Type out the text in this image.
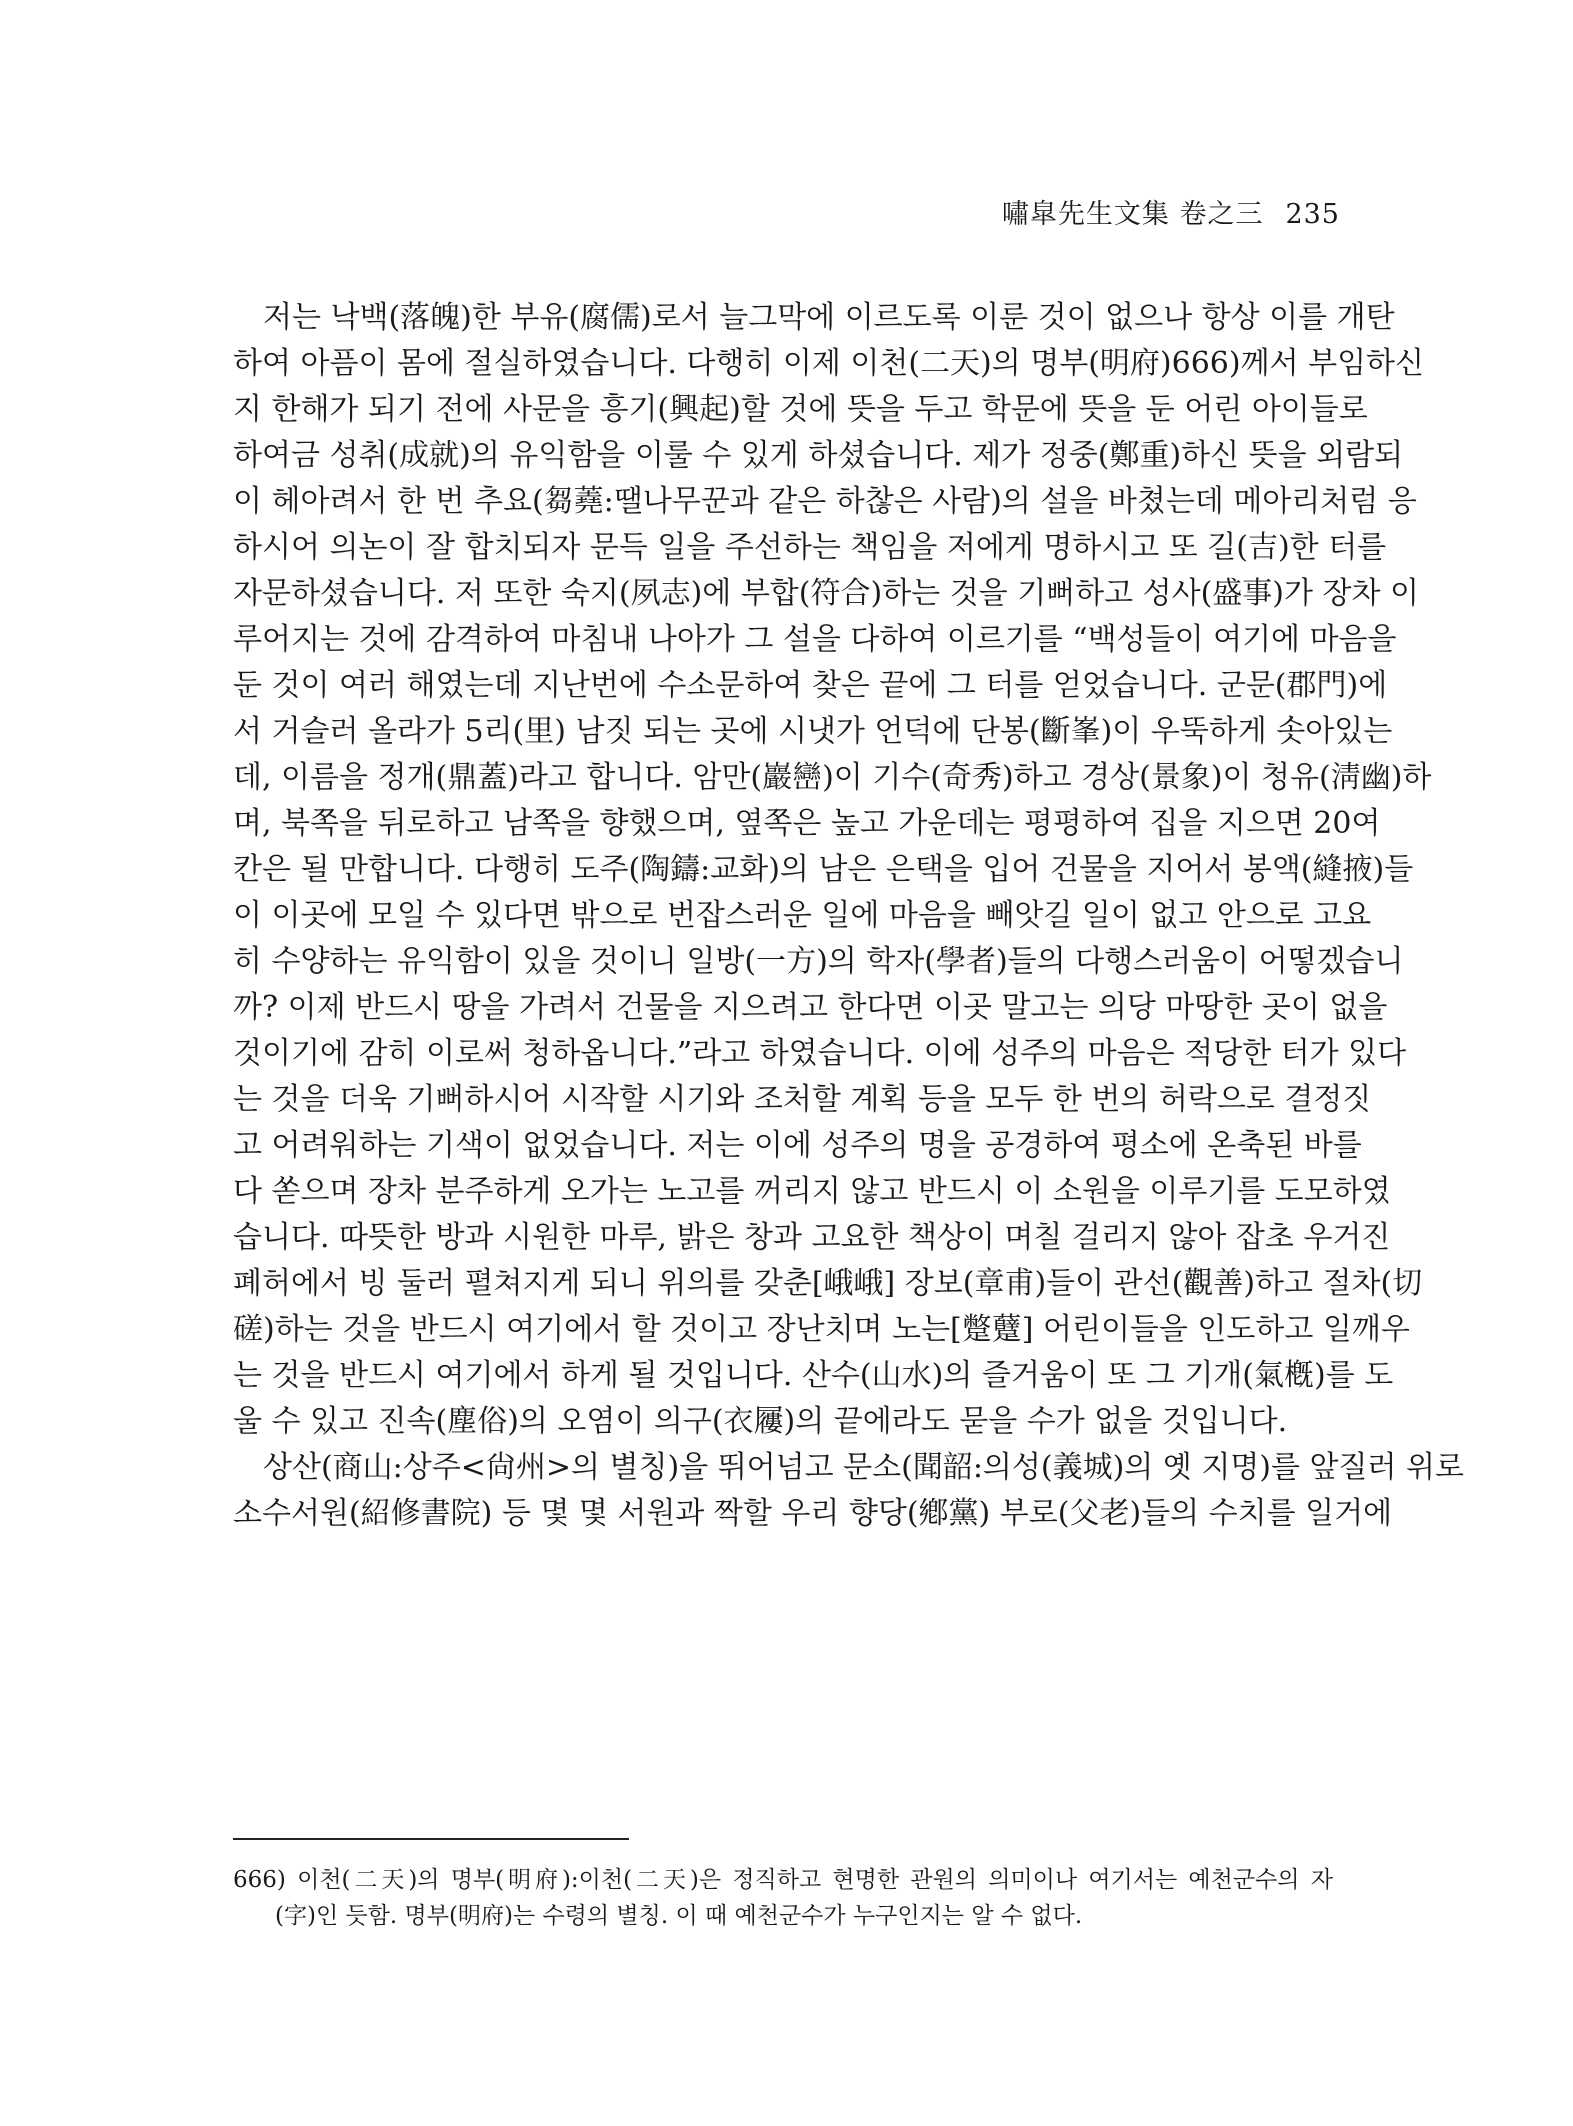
嘯皐先生文集 卷之三 235
저는 낙백(落魄)한 부유(腐儒)로서 늘그막에 이르도록 이룬 것이 없으나 항상 이를 개탄
하여 아픔이 몸에 절실하였습니다. 다행히 이제 이천(二天)의 명부(明府)666)께서 부임하신
지 한해가 되기 전에 사문을 흥기(興起)할 것에 뜻을 두고 학문에 뜻을 둔 어린 아이들로
하여금 성취(成就)의 유익함을 이룰 수 있게 하셨습니다. 제가 정중(鄭重)하신 뜻을 외람되
이 헤아려서 한 번 추요(芻蕘:땔나무꾼과 같은 하찮은 사람)의 설을 바쳤는데 메아리처럼 응
하시어 의논이 잘 합치되자 문득 일을 주선하는 책임을 저에게 명하시고 또 길(吉)한 터를
자문하셨습니다. 저 또한 숙지(夙志)에 부합(符合)하는 것을 기뻐하고 성사(盛事)가 장차 이
루어지는 것에 감격하여 마침내 나아가 그 설을 다하여 이르기를 “백성들이 여기에 마음을
둔 것이 여러 해였는데 지난번에 수소문하여 찾은 끝에 그 터를 얻었습니다. 군문(郡門)에
서 거슬러 올라가 5리(里) 남짓 되는 곳에 시냇가 언덕에 단봉(斷峯)이 우뚝하게 솟아있는
데, 이름을 정개(鼎蓋)라고 합니다. 암만(巖巒)이 기수(奇秀)하고 경상(景象)이 청유(淸幽)하
며, 북쪽을 뒤로하고 남쪽을 향했으며, 옆쪽은 높고 가운데는 평평하여 집을 지으면 20여
칸은 될 만합니다. 다행히 도주(陶鑄:교화)의 남은 은택을 입어 건물을 지어서 봉액(縫掖)들
이 이곳에 모일 수 있다면 밖으로 번잡스러운 일에 마음을 빼앗길 일이 없고 안으로 고요
히 수양하는 유익함이 있을 것이니 일방(一方)의 학자(學者)들의 다행스러움이 어떻겠습니
까? 이제 반드시 땅을 가려서 건물을 지으려고 한다면 이곳 말고는 의당 마땅한 곳이 없을
것이기에 감히 이로써 청하옵니다.”라고 하였습니다. 이에 성주의 마음은 적당한 터가 있다
는 것을 더욱 기뻐하시어 시작할 시기와 조처할 계획 등을 모두 한 번의 허락으로 결정짓
고 어려워하는 기색이 없었습니다. 저는 이에 성주의 명을 공경하여 평소에 온축된 바를
다 쏟으며 장차 분주하게 오가는 노고를 꺼리지 않고 반드시 이 소원을 이루기를 도모하였
습니다. 따뜻한 방과 시원한 마루, 밝은 창과 고요한 책상이 며칠 걸리지 않아 잡초 우거진
폐허에서 빙 둘러 펼쳐지게 되니 위의를 갖춘[峨峨] 장보(章甫)들이 관선(觀善)하고 절차(切
磋)하는 것을 반드시 여기에서 할 것이고 장난치며 노는[蹩躠] 어린이들을 인도하고 일깨우
는 것을 반드시 여기에서 하게 될 것입니다. 산수(山水)의 즐거움이 또 그 기개(氣槪)를 도
울 수 있고 진속(塵俗)의 오염이 의구(衣屨)의 끝에라도 묻을 수가 없을 것입니다.
상산(商山:상주<尙州>의 별칭)을 뛰어넘고 문소(聞韶:의성(義城)의 옛 지명)를 앞질러 위로
소수서원(紹修書院) 등 몇 몇 서원과 짝할 우리 향당(鄕黨) 부로(父老)들의 수치를 일거에
666) 이천(二天)의 명부(明府):이천(二天)은 정직하고 현명한 관원의 의미이나 여기서는 예천군수의 자
(字)인 듯함. 명부(明府)는 수령의 별칭. 이 때 예천군수가 누구인지는 알 수 없다.
